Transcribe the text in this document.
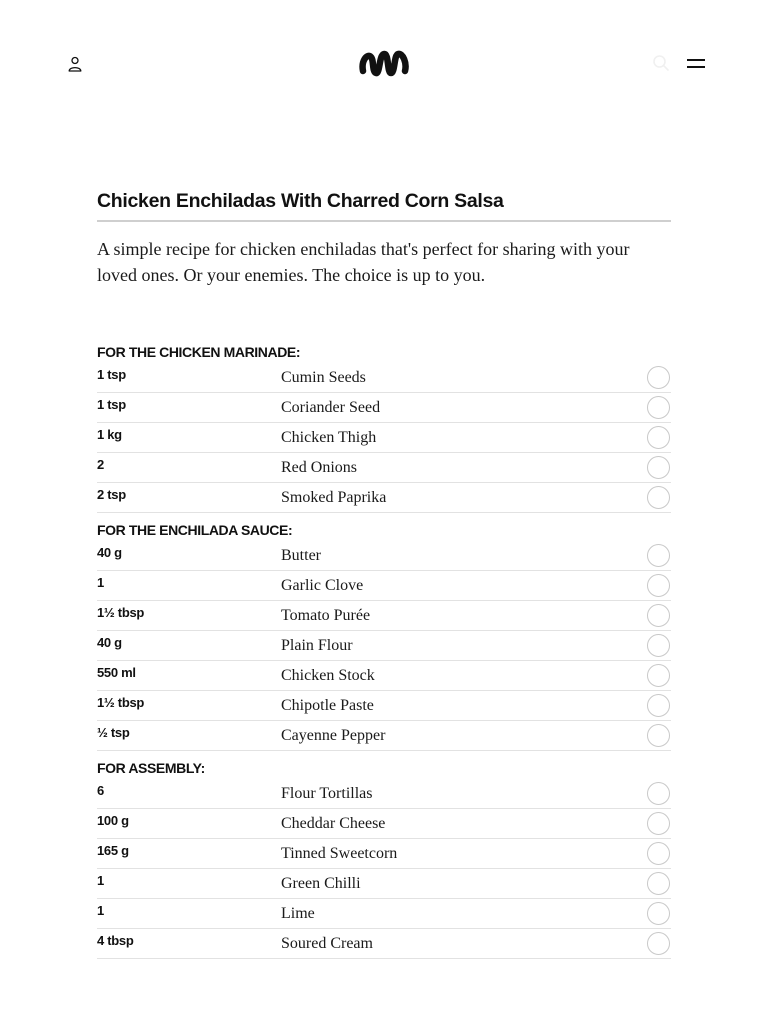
Chicken Enchiladas With Charred Corn Salsa

A simple recipe for chicken enchiladas that's perfect for sharing with your loved ones. Or your enemies. The choice is up to you.

FOR THE CHICKEN MARINADE:
1 tsp	Cumin Seeds
1 tsp	Coriander Seed
1 kg	Chicken Thigh
2	Red Onions
2 tsp	Smoked Paprika
FOR THE ENCHILADA SAUCE:
40 g	Butter
1	Garlic Clove
1½ tbsp	Tomato Purée
40 g	Plain Flour
550 ml	Chicken Stock
1½ tbsp	Chipotle Paste
½ tsp	Cayenne Pepper
FOR ASSEMBLY:
6	Flour Tortillas
100 g	Cheddar Cheese
165 g	Tinned Sweetcorn
1	Green Chilli
1	Lime
4 tbsp	Soured Cream
